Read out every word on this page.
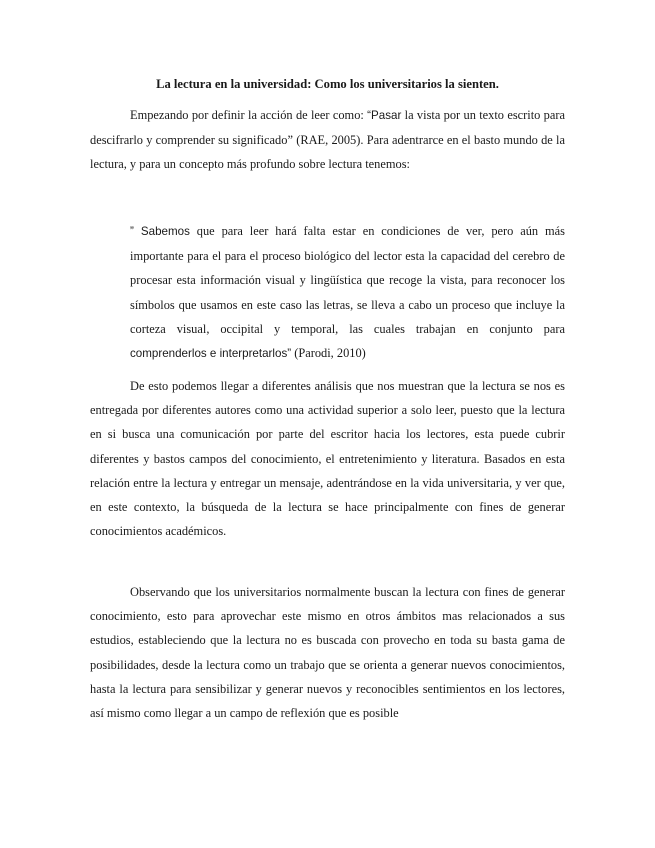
La lectura en la universidad: Como los universitarios la sienten.

Empezando por definir la acción de leer como: “Pasar la vista por un texto escrito para descifrarlo y comprender su significado” (RAE, 2005). Para adentrarce en el basto mundo de la lectura, y para un concepto más profundo sobre lectura tenemos:

” Sabemos que para leer hará falta estar en condiciones de ver, pero aún más importante para el para el proceso biológico del lector esta la capacidad del cerebro de procesar esta información visual y lingüística que recoge la vista, para reconocer los símbolos que usamos en este caso las letras, se lleva a cabo un proceso que incluye la corteza visual, occipital y temporal, las cuales trabajan en conjunto para comprenderlos e interpretarlos” (Parodi, 2010)

De esto podemos llegar a diferentes análisis que nos muestran que la lectura se nos es entregada por diferentes autores como una actividad superior a solo leer, puesto que la lectura en si busca una comunicación por parte del escritor hacia los lectores, esta puede cubrir diferentes y bastos campos del conocimiento, el entretenimiento y literatura. Basados en esta relación entre la lectura y entregar un mensaje, adentrándose en la vida universitaria, y ver que, en este contexto, la búsqueda de la lectura se hace principalmente con fines de generar conocimientos académicos.

Observando que los universitarios normalmente buscan la lectura con fines de generar conocimiento, esto para aprovechar este mismo en otros ámbitos mas relacionados a sus estudios, estableciendo que la lectura no es buscada con provecho en toda su basta gama de posibilidades, desde la lectura como un trabajo que se orienta a generar nuevos conocimientos, hasta la lectura para sensibilizar y generar nuevos y reconocibles sentimientos en los lectores, así mismo como llegar a un campo de reflexión que es posible
